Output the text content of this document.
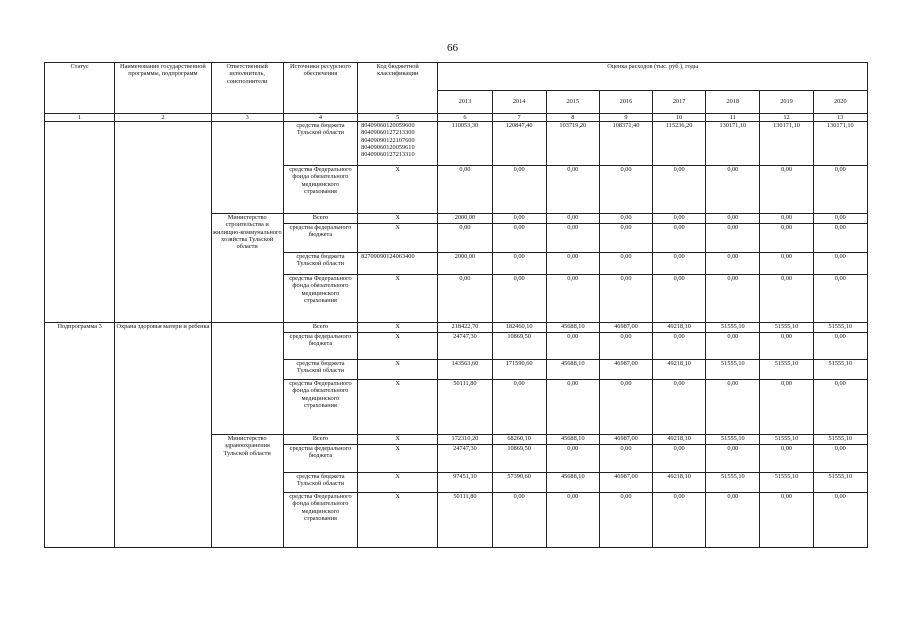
66
Статус	Наименование государственной программы, подпрограмм	Ответственный исполнитель, соисполнители	Источники ресурсного обеспечения	Код бюджетной классификации	Оценка расходов (тыс. руб.), годы							
					2013	2014	2015	2016	2017	2018	2019	2020
1	2	3	4	5	6	7	8	9	10	11	12	13
			средства бюджета Тульской области	80409060120059600
80409060127213300
80409090122107600
80409060120059610
80409060127213310	110053,30	120847,40	103719,20	108371,40	115236,20	130171,10	130171,10	130171,10
			средства Федерального фонда обязательного медицинского страхования	X	0,00	0,00	0,00	0,00	0,00	0,00	0,00	0,00
		Министерство строительства и жилищно-коммунального хозяйства Тульской области	Всего	X	2000,00	0,00	0,00	0,00	0,00	0,00	0,00	0,00
			средства федерального бюджета	X	0,00	0,00	0,00	0,00	0,00	0,00	0,00	0,00
			средства бюджета Тульской области	82709090124063400	2000,00	0,00	0,00	0,00	0,00	0,00	0,00	0,00
			средства Федерального фонда обязательного медицинского страхования	X	0,00	0,00	0,00	0,00	0,00	0,00	0,00	0,00
Подпрограмма 3	Охрана здоровья матери и ребенка		Всего	X	218422,70	182460,10	45688,10	46987,00	49218,10	51555,10	51555,10	51555,10
			средства федерального бюджета	X	24747,30	10869,50	0,00	0,00	0,00	0,00	0,00	0,00
			средства бюджета Тульской области	X	143563,60	171590,60	45688,10	46987,00	49218,10	51555,10	51555,10	51555,10
			средства Федерального фонда обязательного медицинского страхования	X	50111,80	0,00	0,00	0,00	0,00	0,00	0,00	0,00
		Министерство здравоохранения Тульской области	Всего	X	172310,20	68260,10	45688,10	46987,00	49218,10	51555,10	51555,10	51555,10
			средства федерального бюджета	X	24747,30	10869,50	0,00	0,00	0,00	0,00	0,00	0,00
			средства бюджета Тульской области	X	97451,10	57390,60	45688,10	46987,00	49218,10	51555,10	51555,10	51555,10
			средства Федерального фонда обязательного медицинского страхования	X	50111,80	0,00	0,00	0,00	0,00	0,00	0,00	0,00
